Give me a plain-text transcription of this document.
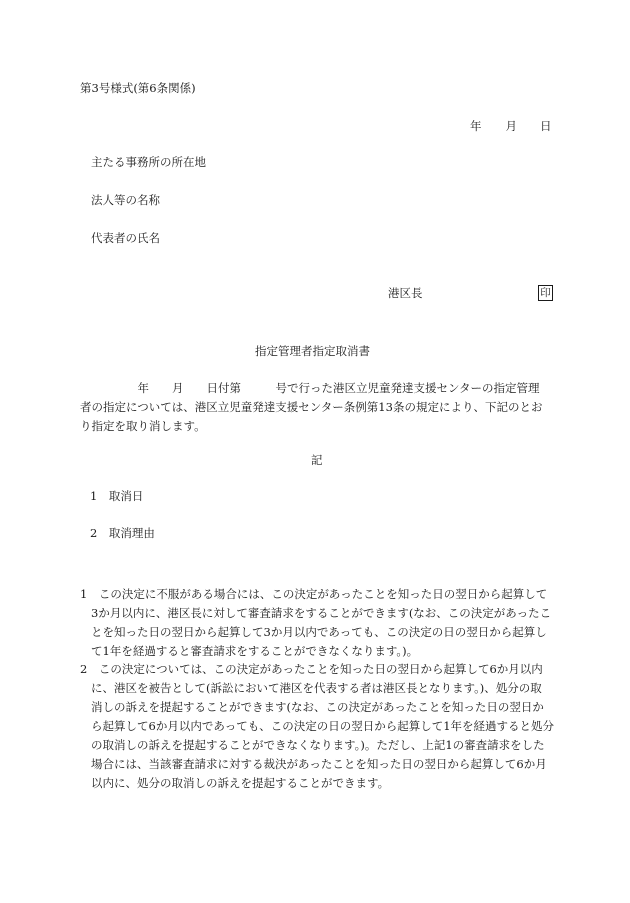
第3号様式(第6条関係)
年 月 日
主たる事務所の所在地
法人等の名称
代表者の氏名
港区長	印
指定管理者指定取消書
　　　　　年　　月　　日付第　　　号で行った港区立児童発達支援センターの指定管理
者の指定については、港区立児童発達支援センター条例第13条の規定により、下記のとお
り指定を取り消します。
記
1　取消日
2　取消理由
1　この決定に不服がある場合には、この決定があったことを知った日の翌日から起算して
3か月以内に、港区長に対して審査請求をすることができます(なお、この決定があったこ
とを知った日の翌日から起算して3か月以内であっても、この決定の日の翌日から起算し
て1年を経過すると審査請求をすることができなくなります。)。
2　この決定については、この決定があったことを知った日の翌日から起算して6か月以内
に、港区を被告として(訴訟において港区を代表する者は港区長となります。)、処分の取
消しの訴えを提起することができます(なお、この決定があったことを知った日の翌日か
ら起算して6か月以内であっても、この決定の日の翌日から起算して1年を経過すると処分
の取消しの訴えを提起することができなくなります。)。ただし、上記1の審査請求をした
場合には、当該審査請求に対する裁決があったことを知った日の翌日から起算して6か月
以内に、処分の取消しの訴えを提起することができます。
